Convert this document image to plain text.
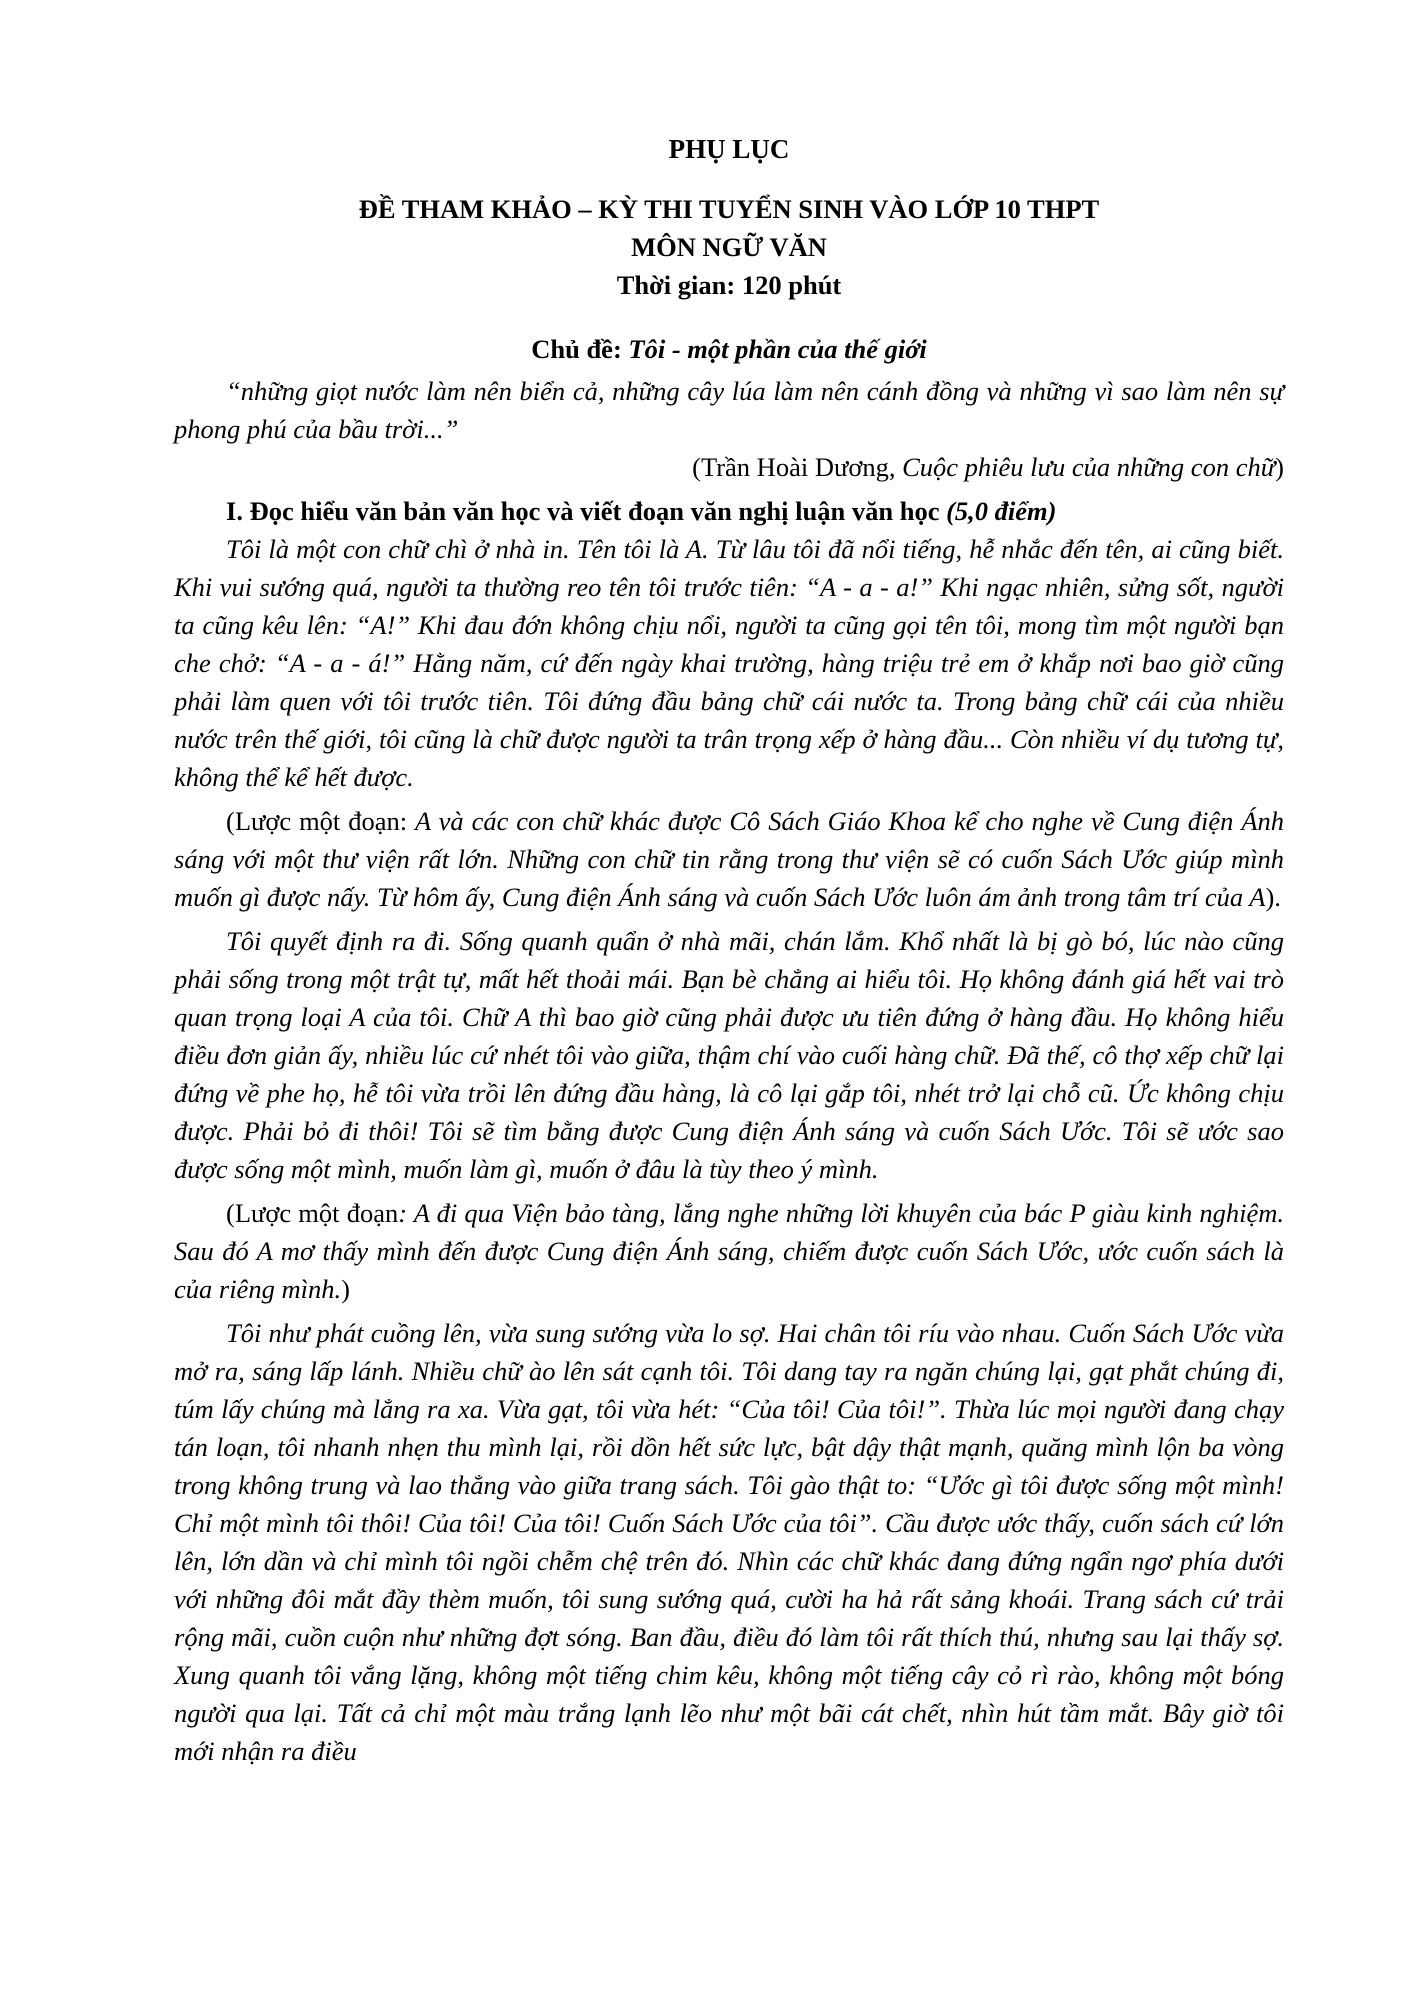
PHỤ LỤC

ĐỀ THAM KHẢO – KỲ THI TUYỂN SINH VÀO LỚP 10 THPT

MÔN NGỮ VĂN

Thời gian: 120 phút

Chủ đề: Tôi - một phần của thế giới

“những giọt nước làm nên biển cả, những cây lúa làm nên cánh đồng và những vì sao làm nên sự phong phú của bầu trời...”

(Trần Hoài Dương, Cuộc phiêu lưu của những con chữ)

I. Đọc hiểu văn bản văn học và viết đoạn văn nghị luận văn học (5,0 điểm)

Tôi là một con chữ chì ở nhà in. Tên tôi là A. Từ lâu tôi đã nổi tiếng, hễ nhắc đến tên, ai cũng biết. Khi vui sướng quá, người ta thường reo tên tôi trước tiên: “A - a - a!” Khi ngạc nhiên, sửng sốt, người ta cũng kêu lên: “A!” Khi đau đớn không chịu nổi, người ta cũng gọi tên tôi, mong tìm một người bạn che chở: “A - a - á!” Hằng năm, cứ đến ngày khai trường, hàng triệu trẻ em ở khắp nơi bao giờ cũng phải làm quen với tôi trước tiên. Tôi đứng đầu bảng chữ cái nước ta. Trong bảng chữ cái của nhiều nước trên thế giới, tôi cũng là chữ được người ta trân trọng xếp ở hàng đầu... Còn nhiều ví dụ tương tự, không thể kể hết được.

(Lược một đoạn: A và các con chữ khác được Cô Sách Giáo Khoa kể cho nghe về Cung điện Ánh sáng với một thư viện rất lớn. Những con chữ tin rằng trong thư viện sẽ có cuốn Sách Ước giúp mình muốn gì được nấy. Từ hôm ấy, Cung điện Ánh sáng và cuốn Sách Ước luôn ám ảnh trong tâm trí của A).

Tôi quyết định ra đi. Sống quanh quẩn ở nhà mãi, chán lắm. Khổ nhất là bị gò bó, lúc nào cũng phải sống trong một trật tự, mất hết thoải mái. Bạn bè chẳng ai hiểu tôi. Họ không đánh giá hết vai trò quan trọng loại A của tôi. Chữ A thì bao giờ cũng phải được ưu tiên đứng ở hàng đầu. Họ không hiểu điều đơn giản ấy, nhiều lúc cứ nhét tôi vào giữa, thậm chí vào cuối hàng chữ. Đã thế, cô thợ xếp chữ lại đứng về phe họ, hễ tôi vừa trồi lên đứng đầu hàng, là cô lại gắp tôi, nhét trở lại chỗ cũ. Ức không chịu được. Phải bỏ đi thôi! Tôi sẽ tìm bằng được Cung điện Ánh sáng và cuốn Sách Ước. Tôi sẽ ước sao được sống một mình, muốn làm gì, muốn ở đâu là tùy theo ý mình.

(Lược một đoạn: A đi qua Viện bảo tàng, lắng nghe những lời khuyên của bác P giàu kinh nghiệm. Sau đó A mơ thấy mình đến được Cung điện Ánh sáng, chiếm được cuốn Sách Ước, ước cuốn sách là của riêng mình.)

Tôi như phát cuồng lên, vừa sung sướng vừa lo sợ. Hai chân tôi ríu vào nhau. Cuốn Sách Ước vừa mở ra, sáng lấp lánh. Nhiều chữ ào lên sát cạnh tôi. Tôi dang tay ra ngăn chúng lại, gạt phắt chúng đi, túm lấy chúng mà lẳng ra xa. Vừa gạt, tôi vừa hét: “Của tôi! Của tôi!”. Thừa lúc mọi người đang chạy tán loạn, tôi nhanh nhẹn thu mình lại, rồi dồn hết sức lực, bật dậy thật mạnh, quăng mình lộn ba vòng trong không trung và lao thẳng vào giữa trang sách. Tôi gào thật to: “Ước gì tôi được sống một mình! Chỉ một mình tôi thôi! Của tôi! Của tôi! Cuốn Sách Ước của tôi”. Cầu được ước thấy, cuốn sách cứ lớn lên, lớn dần và chỉ mình tôi ngồi chễm chệ trên đó. Nhìn các chữ khác đang đứng ngẩn ngơ phía dưới với những đôi mắt đầy thèm muốn, tôi sung sướng quá, cười ha hả rất sảng khoái. Trang sách cứ trải rộng mãi, cuồn cuộn như những đợt sóng. Ban đầu, điều đó làm tôi rất thích thú, nhưng sau lại thấy sợ. Xung quanh tôi vắng lặng, không một tiếng chim kêu, không một tiếng cây cỏ rì rào, không một bóng người qua lại. Tất cả chỉ một màu trắng lạnh lẽo như một bãi cát chết, nhìn hút tầm mắt. Bây giờ tôi mới nhận ra điều
